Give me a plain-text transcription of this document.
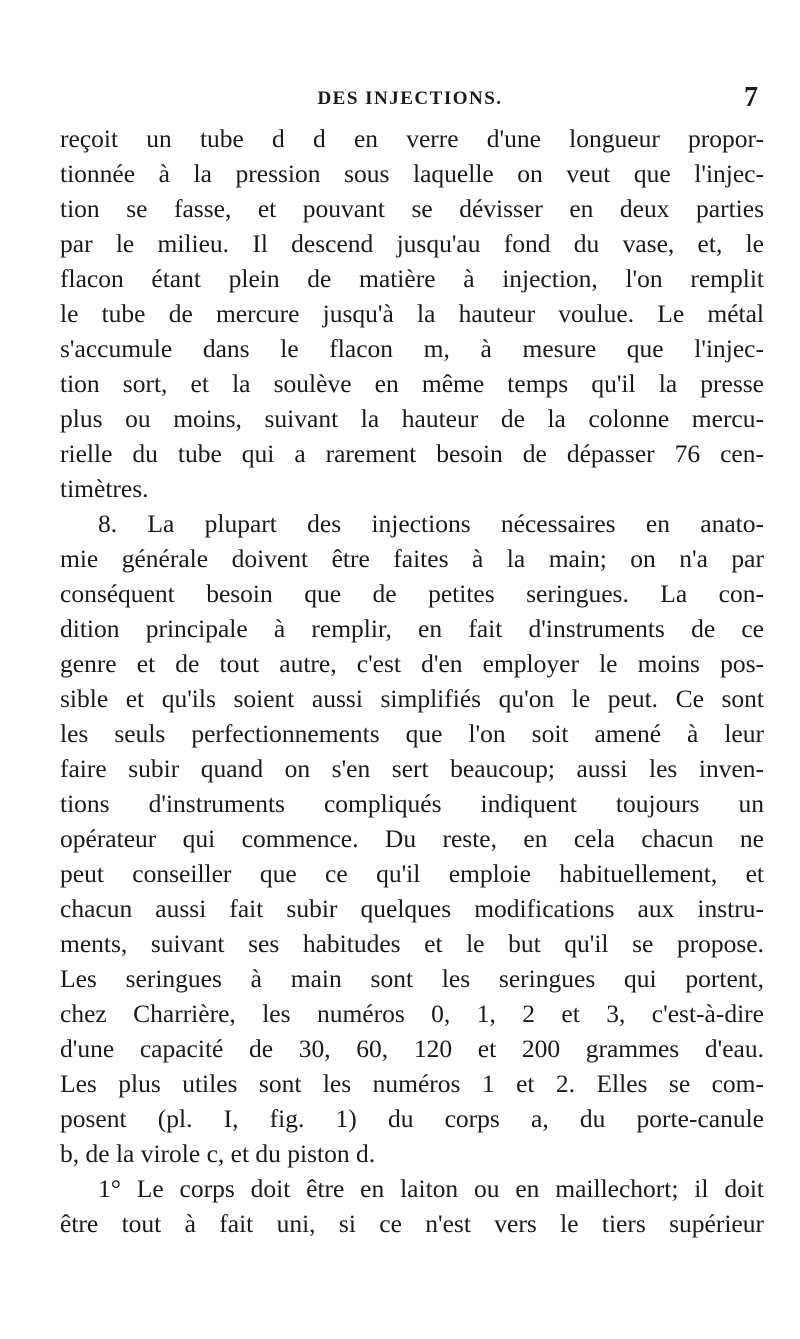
DES INJECTIONS.	7
reçoit un tube d d en verre d'une longueur propor-
tionnée à la pression sous laquelle on veut que l'injec-
tion se fasse, et pouvant se dévisser en deux parties
par le milieu. Il descend jusqu'au fond du vase, et, le
flacon étant plein de matière à injection, l'on remplit
le tube de mercure jusqu'à la hauteur voulue. Le métal
s'accumule dans le flacon m, à mesure que l'injec-
tion sort, et la soulève en même temps qu'il la presse
plus ou moins, suivant la hauteur de la colonne mercu-
rielle du tube qui a rarement besoin de dépasser 76 cen-
timètres.
8. La plupart des injections nécessaires en anato-
mie générale doivent être faites à la main; on n'a par
conséquent besoin que de petites seringues. La con-
dition principale à remplir, en fait d'instruments de ce
genre et de tout autre, c'est d'en employer le moins pos-
sible et qu'ils soient aussi simplifiés qu'on le peut. Ce sont
les seuls perfectionnements que l'on soit amené à leur
faire subir quand on s'en sert beaucoup; aussi les inven-
tions d'instruments compliqués indiquent toujours un
opérateur qui commence. Du reste, en cela chacun ne
peut conseiller que ce qu'il emploie habituellement, et
chacun aussi fait subir quelques modifications aux instru-
ments, suivant ses habitudes et le but qu'il se propose.
Les seringues à main sont les seringues qui portent,
chez Charrière, les numéros 0, 1, 2 et 3, c'est-à-dire
d'une capacité de 30, 60, 120 et 200 grammes d'eau.
Les plus utiles sont les numéros 1 et 2. Elles se com-
posent (pl. I, fig. 1) du corps a, du porte-canule
b, de la virole c, et du piston d.
1° Le corps doit être en laiton ou en maillechort; il doit
être tout à fait uni, si ce n'est vers le tiers supérieur
